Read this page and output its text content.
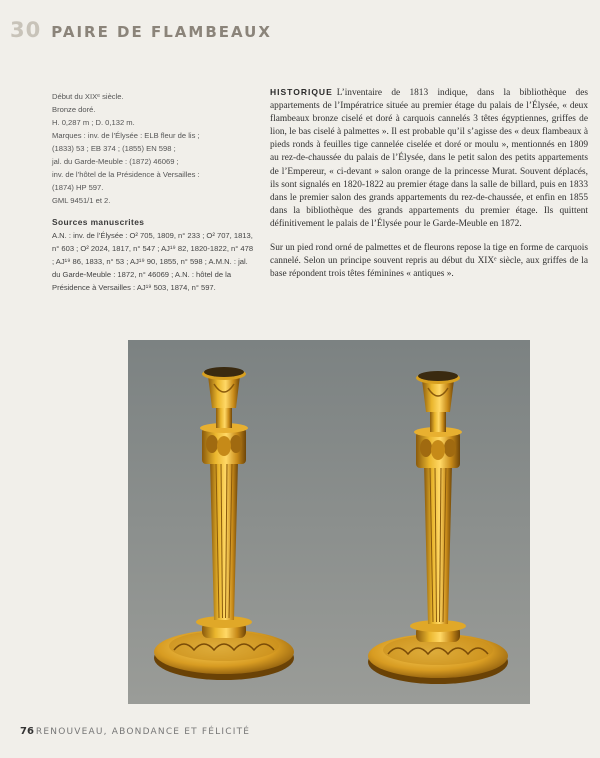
30 PAIRE DE FLAMBEAUX
Début du XIXᵉ siècle.
Bronze doré.
H. 0,287 m ; D. 0,132 m.
Marques : inv. de l’Élysée : ELB fleur de lis ;
(1833) 53 ; EB 374 ; (1855) EN 598 ;
jal. du Garde-Meuble : (1872) 46069 ;
inv. de l’hôtel de la Présidence à Versailles :
(1874) HP 597.
GML 9451/1 et 2.
Sources manuscrites
A.N. : inv. de l’Élysée : O² 705, 1809, n° 233 ; O² 707, 1813, n° 603 ; O² 2024, 1817, n° 547 ; AJ¹⁹ 82, 1820-1822, n° 478 ; AJ¹⁹ 86, 1833, n° 53 ; AJ¹⁹ 90, 1855, n° 598 ; A.M.N. : jal. du Garde-Meuble : 1872, n° 46069 ; A.N. : hôtel de la Présidence à Versailles : AJ¹⁹ 503, 1874, n° 597.

HISTORIQUE L’inventaire de 1813 indique, dans la bibliothèque des appartements de l’Impératrice située au premier étage du palais de l’Élysée, « deux flambeaux bronze ciselé et doré à carquois cannelés 3 têtes égyptiennes, griffes de lion, le bas ciselé à palmettes ». Il est probable qu’il s’agisse des « deux flambeaux à pieds ronds à feuilles tige cannelée ciselée et doré or moulu », mentionnés en 1809 au rez-de-chaussée du palais de l’Élysée, dans le petit salon des petits appartements de l’Empereur, « ci-devant » salon orange de la princesse Murat. Souvent déplacés, ils sont signalés en 1820-1822 au premier étage dans la salle de billard, puis en 1833 dans le premier salon des grands appartements du rez-de-chaussée, et enfin en 1855 dans la bibliothèque des grands appartements du premier étage. Ils quittent définitivement le palais de l’Élysée pour le Garde-Meuble en 1872.

Sur un pied rond orné de palmettes et de fleurons repose la tige en forme de carquois cannelé. Selon un principe souvent repris au début du XIXᵉ siècle, aux griffes de la base répondent trois têtes féminines « antiques ».

76 RENOUVEAU, ABONDANCE ET FÉLICITÉ
